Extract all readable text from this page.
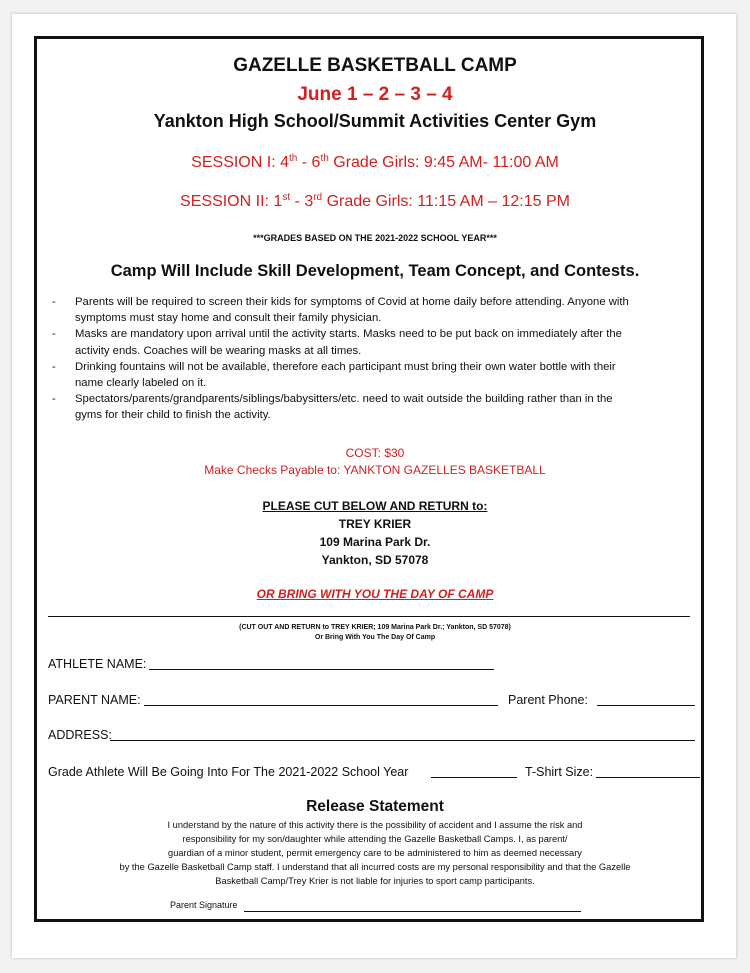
GAZELLE BASKETBALL CAMP
June 1 – 2 – 3 – 4
Yankton High School/Summit Activities Center Gym
SESSION I: 4th - 6th Grade Girls: 9:45 AM- 11:00 AM
SESSION II: 1st - 3rd Grade Girls: 11:15 AM – 12:15 PM
***GRADES BASED ON THE 2021-2022 SCHOOL YEAR***
Camp Will Include Skill Development, Team Concept, and Contests.
- Parents will be required to screen their kids for symptoms of Covid at home daily before attending. Anyone with
symptoms must stay home and consult their family physician.
- Masks are mandatory upon arrival until the activity starts. Masks need to be put back on immediately after the
activity ends. Coaches will be wearing masks at all times.
- Drinking fountains will not be available, therefore each participant must bring their own water bottle with their
name clearly labeled on it.
- Spectators/parents/grandparents/siblings/babysitters/etc. need to wait outside the building rather than in the
gyms for their child to finish the activity.
COST: $30
Make Checks Payable to: YANKTON GAZELLES BASKETBALL
PLEASE CUT BELOW AND RETURN to:
TREY KRIER
109 Marina Park Dr.
Yankton, SD 57078
OR BRING WITH YOU THE DAY OF CAMP
(CUT OUT AND RETURN to TREY KRIER; 109 Marina Park Dr.; Yankton, SD 57078)
Or Bring With You The Day Of Camp
ATHLETE NAME:
PARENT NAME:	Parent Phone:
ADDRESS:
Grade Athlete Will Be Going Into For The 2021-2022 School Year	T-Shirt Size:
Release Statement
I understand by the nature of this activity there is the possibility of accident and I assume the risk and
responsibility for my son/daughter while attending the Gazelle Basketball Camps. I, as parent/
guardian of a minor student, permit emergency care to be administered to him as deemed necessary
by the Gazelle Basketball Camp staff. I understand that all incurred costs are my personal responsibility and that the Gazelle
Basketball Camp/Trey Krier is not liable for injuries to sport camp participants.
Parent Signature
